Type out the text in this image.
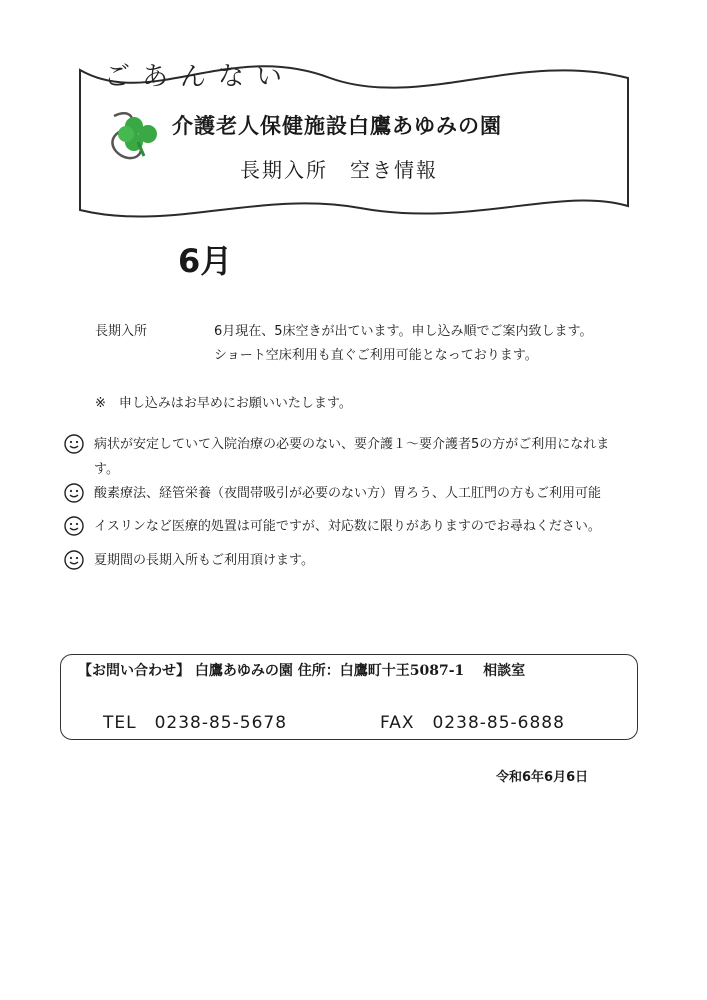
ごあんない
介護老人保健施設白鷹あゆみの園
長期入所　空き情報
6月
長期入所	6月現在、5床空きが出ています。申し込み順でご案内致します。
ショート空床利用も直ぐご利用可能となっております。
※　申し込みはお早めにお願いいたします。
病状が安定していて入院治療の必要のない、要介護１～要介護者5の方がご利用になれます。
酸素療法、経管栄養（夜間帯吸引が必要のない方）胃ろう、人工肛門の方もご利用可能
イスリンなど医療的処置は可能ですが、対応数に限りがありますのでお尋ねください。
夏期間の長期入所もご利用頂けます。
【お問い合わせ】 白鷹あゆみの園 住所：白鷹町十王5087-1　 相談室
TEL　0238-85-5678	FAX　0238-85-6888
令和6年6月6日
